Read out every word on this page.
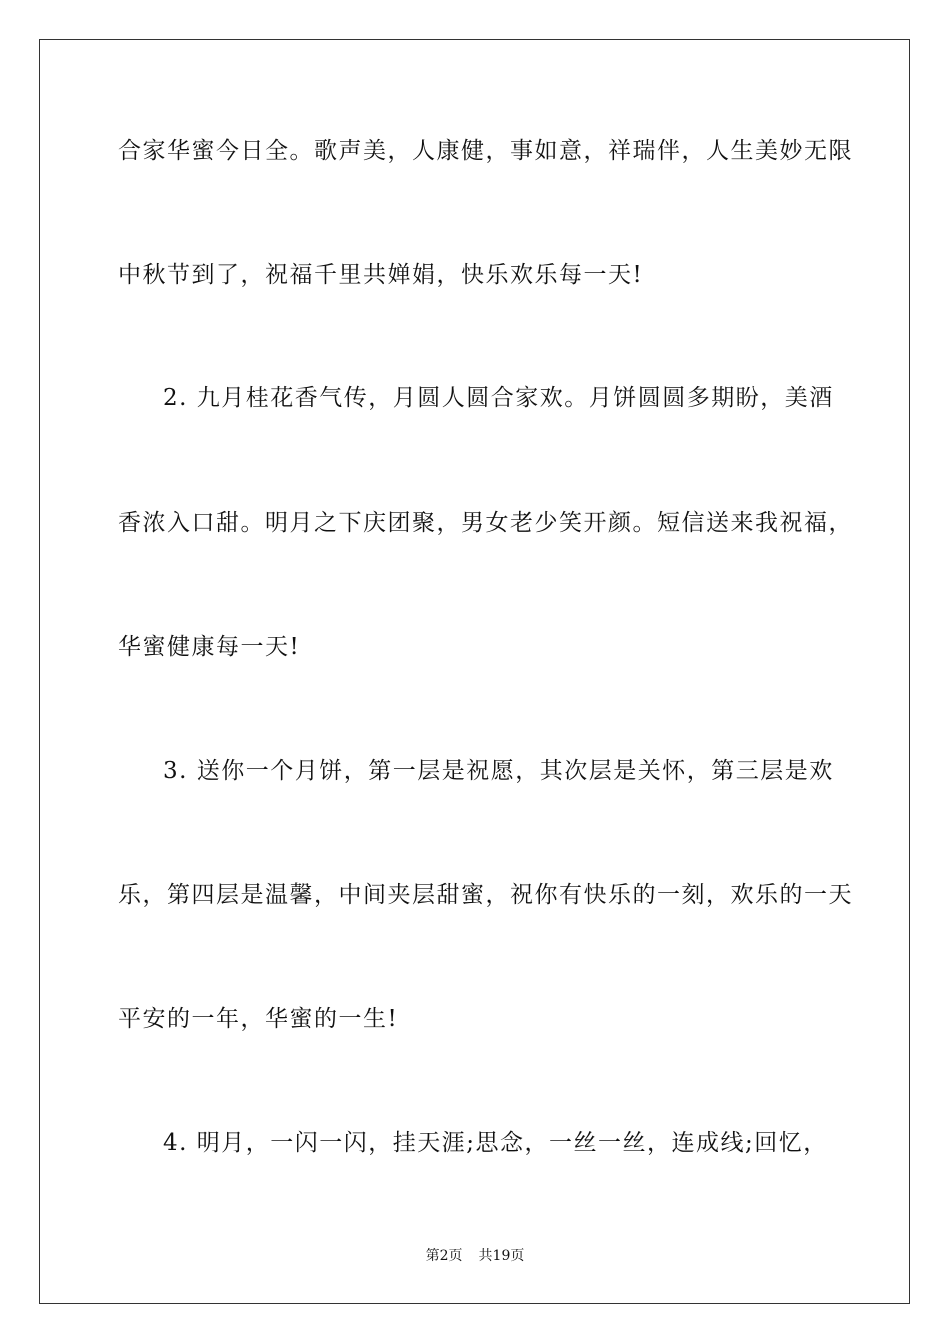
合家华蜜今日全。歌声美，人康健，事如意，祥瑞伴，人生美妙无限
中秋节到了，祝福千里共婵娟，快乐欢乐每一天!
2. 九月桂花香气传，月圆人圆合家欢。月饼圆圆多期盼，美酒
香浓入口甜。明月之下庆团聚，男女老少笑开颜。短信送来我祝福，
华蜜健康每一天!
3. 送你一个月饼，第一层是祝愿，其次层是关怀，第三层是欢
乐，第四层是温馨，中间夹层甜蜜，祝你有快乐的一刻，欢乐的一天
平安的一年，华蜜的一生!
4. 明月，一闪一闪，挂天涯;思念，一丝一丝，连成线;回忆，
第2页 共19页
